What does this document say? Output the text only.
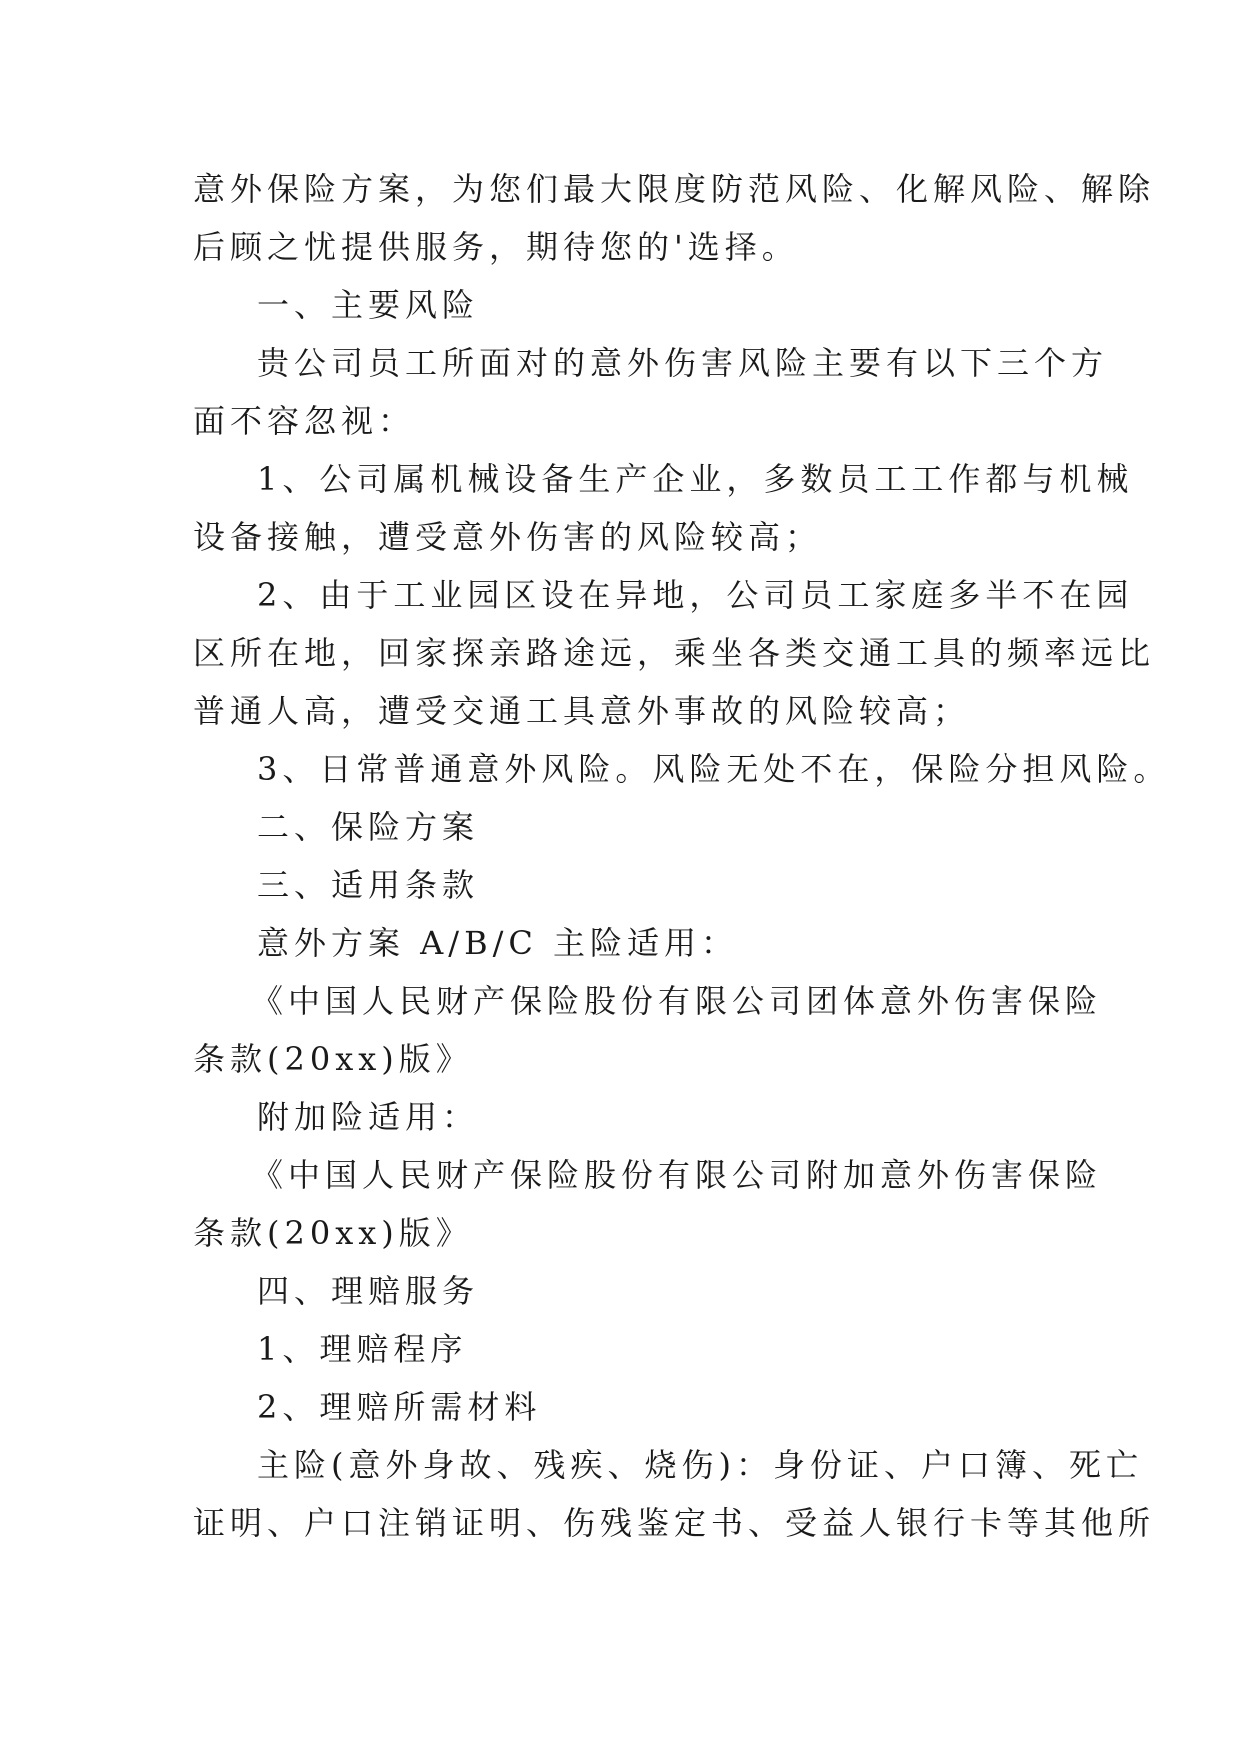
意外保险方案，为您们最大限度防范风险、化解风险、解除
后顾之忧提供服务，期待您的'选择。
一、主要风险
贵公司员工所面对的意外伤害风险主要有以下三个方
面不容忽视：
1、公司属机械设备生产企业，多数员工工作都与机械
设备接触，遭受意外伤害的风险较高；
2、由于工业园区设在异地，公司员工家庭多半不在园
区所在地，回家探亲路途远，乘坐各类交通工具的频率远比
普通人高，遭受交通工具意外事故的风险较高；
3、日常普通意外风险。风险无处不在，保险分担风险。
二、保险方案
三、适用条款
意外方案 A/B/C 主险适用：
《中国人民财产保险股份有限公司团体意外伤害保险
条款(20xx)版》
附加险适用：
《中国人民财产保险股份有限公司附加意外伤害保险
条款(20xx)版》
四、理赔服务
1、理赔程序
2、理赔所需材料
主险(意外身故、残疾、烧伤)：身份证、户口簿、死亡
证明、户口注销证明、伤残鉴定书、受益人银行卡等其他所
